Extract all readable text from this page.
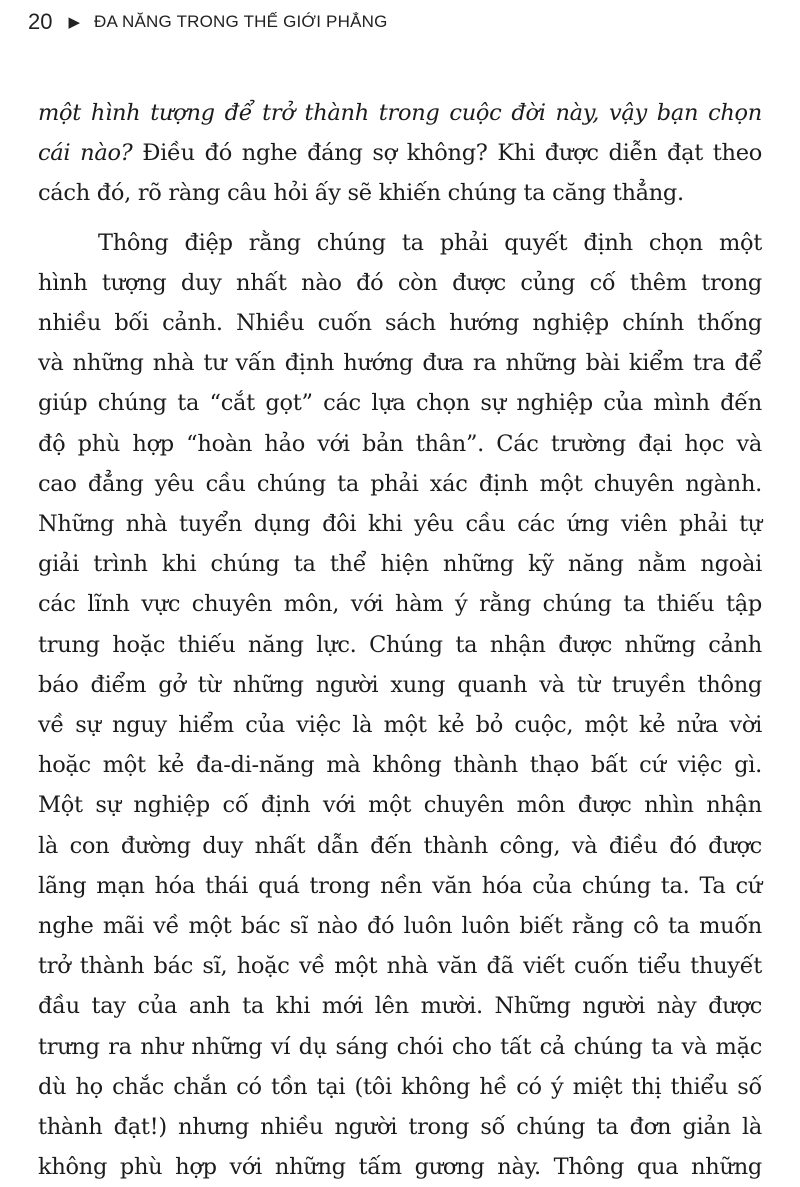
20 ▶ ĐA NĂNG TRONG THẾ GIỚI PHẲNG
một hình tượng để trở thành trong cuộc đời này, vậy bạn chọn
cái nào? Điều đó nghe đáng sợ không? Khi được diễn đạt theo
cách đó, rõ ràng câu hỏi ấy sẽ khiến chúng ta căng thẳng.
Thông điệp rằng chúng ta phải quyết định chọn một
hình tượng duy nhất nào đó còn được củng cố thêm trong
nhiều bối cảnh. Nhiều cuốn sách hướng nghiệp chính thống
và những nhà tư vấn định hướng đưa ra những bài kiểm tra để
giúp chúng ta “cắt gọt” các lựa chọn sự nghiệp của mình đến
độ phù hợp “hoàn hảo với bản thân”. Các trường đại học và
cao đẳng yêu cầu chúng ta phải xác định một chuyên ngành.
Những nhà tuyển dụng đôi khi yêu cầu các ứng viên phải tự
giải trình khi chúng ta thể hiện những kỹ năng nằm ngoài
các lĩnh vực chuyên môn, với hàm ý rằng chúng ta thiếu tập
trung hoặc thiếu năng lực. Chúng ta nhận được những cảnh
báo điểm gở từ những người xung quanh và từ truyền thông
về sự nguy hiểm của việc là một kẻ bỏ cuộc, một kẻ nửa vời
hoặc một kẻ đa-di-năng mà không thành thạo bất cứ việc gì.
Một sự nghiệp cố định với một chuyên môn được nhìn nhận
là con đường duy nhất dẫn đến thành công, và điều đó được
lãng mạn hóa thái quá trong nền văn hóa của chúng ta. Ta cứ
nghe mãi về một bác sĩ nào đó luôn luôn biết rằng cô ta muốn
trở thành bác sĩ, hoặc về một nhà văn đã viết cuốn tiểu thuyết
đầu tay của anh ta khi mới lên mười. Những người này được
trưng ra như những ví dụ sáng chói cho tất cả chúng ta và mặc
dù họ chắc chắn có tồn tại (tôi không hề có ý miệt thị thiểu số
thành đạt!) nhưng nhiều người trong số chúng ta đơn giản là
không phù hợp với những tấm gương này. Thông qua những
